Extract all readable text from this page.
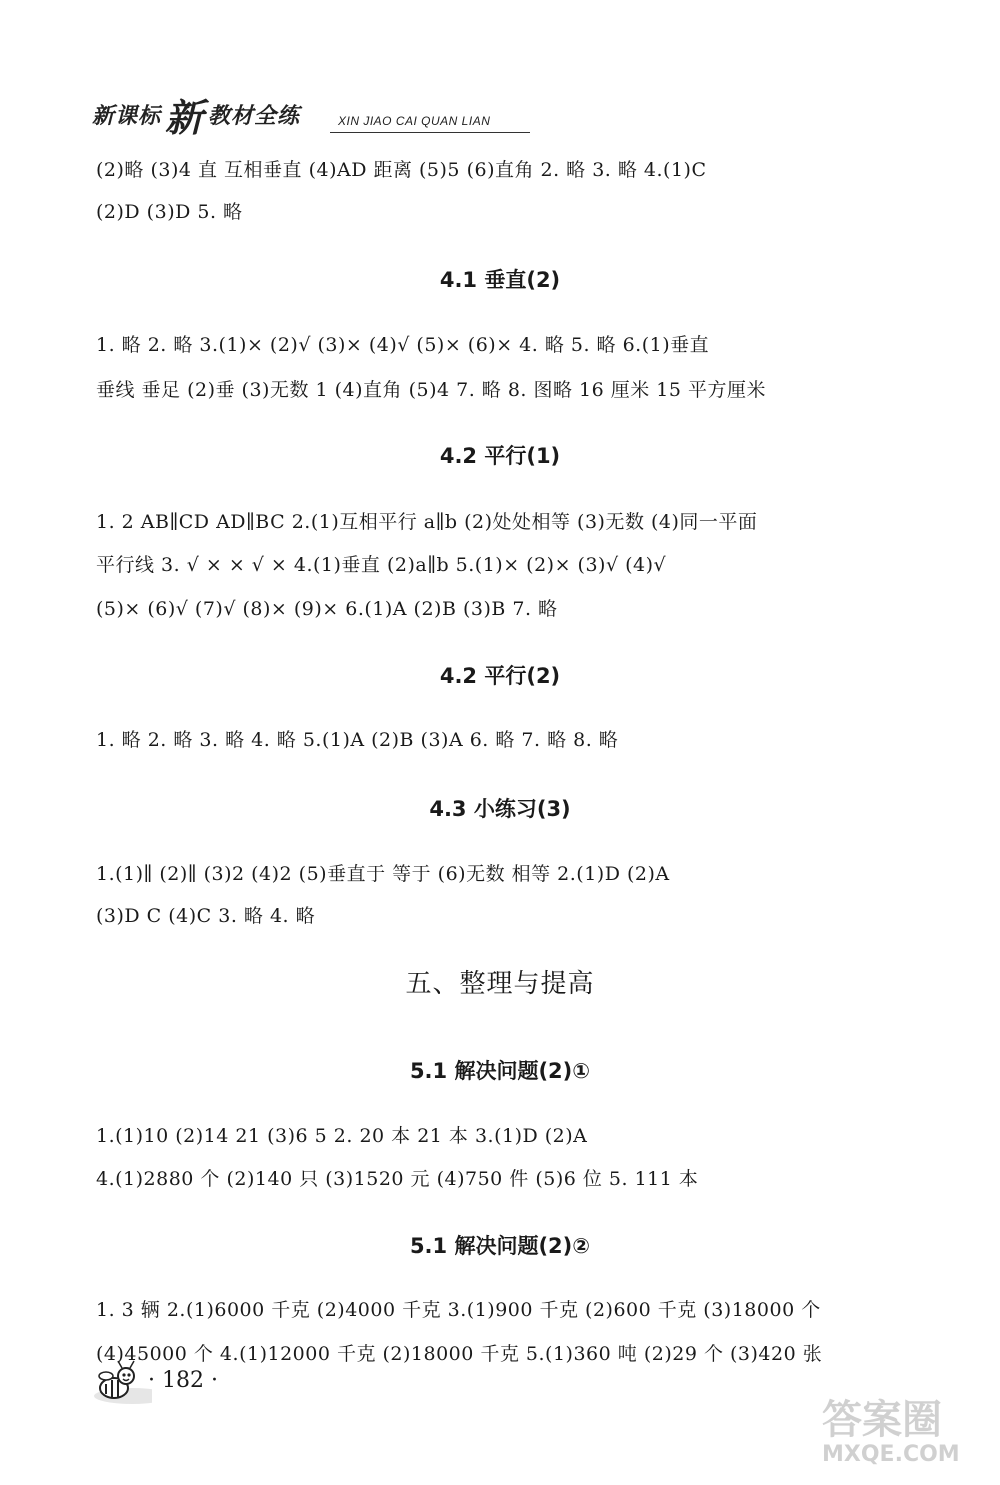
新课标 新 教材全练	XIN JIAO CAI QUAN LIAN
(2)略 (3)4 直 互相垂直 (4)AD 距离 (5)5 (6)直角 2. 略 3. 略 4.(1)C
(2)D (3)D 5. 略
4.1 垂直(2)
1. 略 2. 略 3.(1)× (2)√ (3)× (4)√ (5)× (6)× 4. 略 5. 略 6.(1)垂直
垂线 垂足 (2)垂 (3)无数 1 (4)直角 (5)4 7. 略 8. 图略 16 厘米 15 平方厘米
4.2 平行(1)
1. 2 AB∥CD AD∥BC 2.(1)互相平行 a∥b (2)处处相等 (3)无数 (4)同一平面
平行线 3. √ × × √ × 4.(1)垂直 (2)a∥b 5.(1)× (2)× (3)√ (4)√
(5)× (6)√ (7)√ (8)× (9)× 6.(1)A (2)B (3)B 7. 略
4.2 平行(2)
1. 略 2. 略 3. 略 4. 略 5.(1)A (2)B (3)A 6. 略 7. 略 8. 略
4.3 小练习(3)
1.(1)∥ (2)∥ (3)2 (4)2 (5)垂直于 等于 (6)无数 相等 2.(1)D (2)A
(3)D C (4)C 3. 略 4. 略
五、整理与提高
5.1 解决问题(2)①
1.(1)10 (2)14 21 (3)6 5 2. 20 本 21 本 3.(1)D (2)A
4.(1)2880 个 (2)140 只 (3)1520 元 (4)750 件 (5)6 位 5. 111 本
5.1 解决问题(2)②
1. 3 辆 2.(1)6000 千克 (2)4000 千克 3.(1)900 千克 (2)600 千克 (3)18000 个
(4)45000 个 4.(1)12000 千克 (2)18000 千克 5.(1)360 吨 (2)29 个 (3)420 张
· 182 ·
答案圈
MXQE.COM
